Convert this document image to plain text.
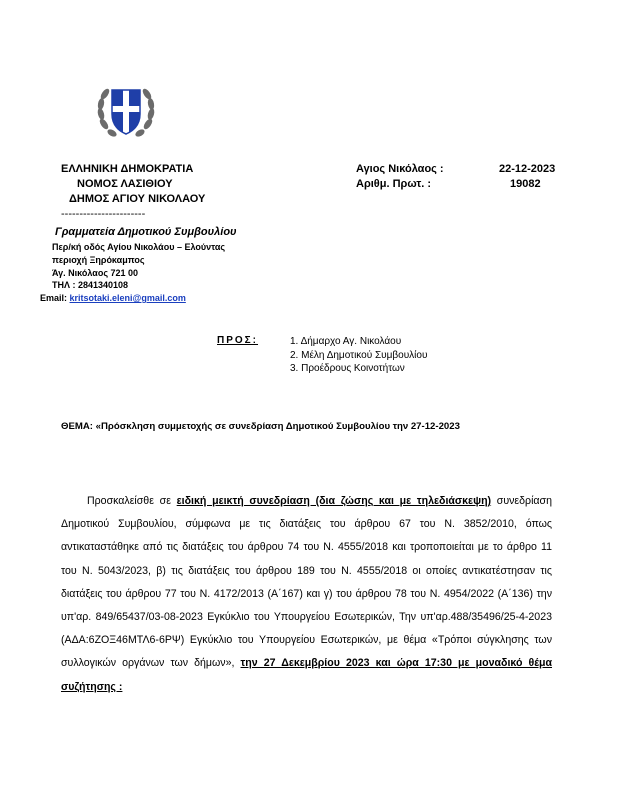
ΕΛΛΗΝΙΚΗ ΔΗΜΟΚΡΑΤΙΑ
ΝΟΜΟΣ ΛΑΣΙΘΙΟΥ
ΔΗΜΟΣ ΑΓΙΟΥ ΝΙΚΟΛΑΟΥ
-----------------------
Αγιος Νικόλαος :	22-12-2023
Αριθμ. Πρωτ. :	19082
Γραμματεία Δημοτικού Συμβουλίου
Περ/κή οδός Αγίου Νικολάου – Ελούντας
περιοχή Ξηρόκαμπος
Άγ. Νικόλαος 721 00
ΤΗΛ : 2841340108
Email: kritsotaki.eleni@gmail.com
ΠΡΟΣ:	1. Δήμαρχο Αγ. Νικολάου
2. Μέλη Δημοτικού Συμβουλίου
3. Προέδρους Κοινοτήτων
ΘΕΜΑ: «Πρόσκληση συμμετοχής σε συνεδρίαση Δημοτικού Συμβουλίου την 27-12-2023

Προσκαλείσθε σε ειδική μεικτή συνεδρίαση (δια ζώσης και με τηλεδιάσκεψη) συνεδρίαση Δημοτικού Συμβουλίου, σύμφωνα με τις διατάξεις του άρθρου 67 του Ν. 3852/2010, όπως αντικαταστάθηκε από τις διατάξεις του άρθρου 74 του Ν. 4555/2018 και τροποποιείται με το άρθρο 11 του Ν. 5043/2023, β) τις διατάξεις του άρθρου 189 του Ν. 4555/2018 οι οποίες αντικατέστησαν τις διατάξεις του άρθρου 77 του Ν. 4172/2013 (Α΄167) και γ) του άρθρου 78 του Ν. 4954/2022 (Α΄136) την υπ'αρ. 849/65437/03-08-2023 Εγκύκλιο του Υπουργείου Εσωτερικών, Την υπ'αρ.488/35496/25-4-2023 (ΑΔΑ:6ΖΟΞ46ΜΤΛ6-6ΡΨ) Εγκύκλιο του Υπουργείου Εσωτερικών, με θέμα «Τρόποι σύγκλησης των συλλογικών οργάνων των δήμων», την 27 Δεκεμβρίου 2023 και ώρα 17:30 με μοναδικό θέμα συζήτησης :
